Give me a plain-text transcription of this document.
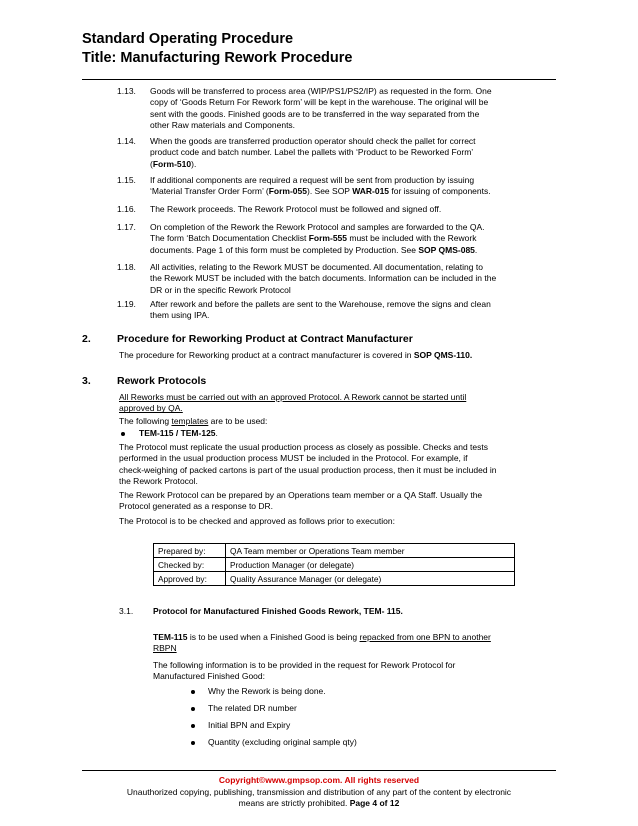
Standard Operating Procedure
Title: Manufacturing Rework Procedure
1.13. Goods will be transferred to process area (WIP/PS1/PS2/IP) as requested in the form. One
copy of ‘Goods Return For Rework form’ will be kept in the warehouse. The original will be
sent with the goods. Finished goods are to be transferred in the way separated from the
other Raw materials and Components.
1.14. When the goods are transferred production operator should check the pallet for correct
product code and batch number. Label the pallets with ‘Product to be Reworked Form’
(Form-510).
1.15. If additional components are required a request will be sent from production by issuing
‘Material Transfer Order Form’ (Form-055). See SOP WAR-015 for issuing of components.
1.16. The Rework proceeds. The Rework Protocol must be followed and signed off.
1.17. On completion of the Rework the Rework Protocol and samples are forwarded to the QA.
The form ‘Batch Documentation Checklist Form-555 must be included with the Rework
documents. Page 1 of this form must be completed by Production. See SOP QMS-085.
1.18. All activities, relating to the Rework MUST be documented. All documentation, relating to
the Rework MUST be included with the batch documents. Information can be included in the
DR or in the specific Rework Protocol
1.19. After rework and before the pallets are sent to the Warehouse, remove the signs and clean
them using IPA.
2. Procedure for Reworking Product at Contract Manufacturer
The procedure for Reworking product at a contract manufacturer is covered in SOP QMS-110.
3. Rework Protocols
All Reworks must be carried out with an approved Protocol. A Rework cannot be started until
approved by QA.
The following templates are to be used:
TEM-115 / TEM-125.
The Protocol must replicate the usual production process as closely as possible. Checks and tests
performed in the usual production process MUST be included in the Protocol. For example, if
check-weighing of packed cartons is part of the usual production process, then it must be included in
the Rework Protocol.
The Rework Protocol can be prepared by an Operations team member or a QA Staff. Usually the
Protocol generated as a response to DR.
The Protocol is to be checked and approved as follows prior to execution:
Prepared by:	QA Team member or Operations Team member
Checked by:	Production Manager (or delegate)
Approved by:	Quality Assurance Manager (or delegate)
3.1. Protocol for Manufactured Finished Goods Rework, TEM- 115.
TEM-115 is to be used when a Finished Good is being repacked from one BPN to another
RBPN
The following information is to be provided in the request for Rework Protocol for
Manufactured Finished Good:
Why the Rework is being done.
The related DR number
Initial BPN and Expiry
Quantity (excluding original sample qty)
Copyright©www.gmpsop.com. All rights reserved
Unauthorized copying, publishing, transmission and distribution of any part of the content by electronic
means are strictly prohibited. Page 4 of 12
